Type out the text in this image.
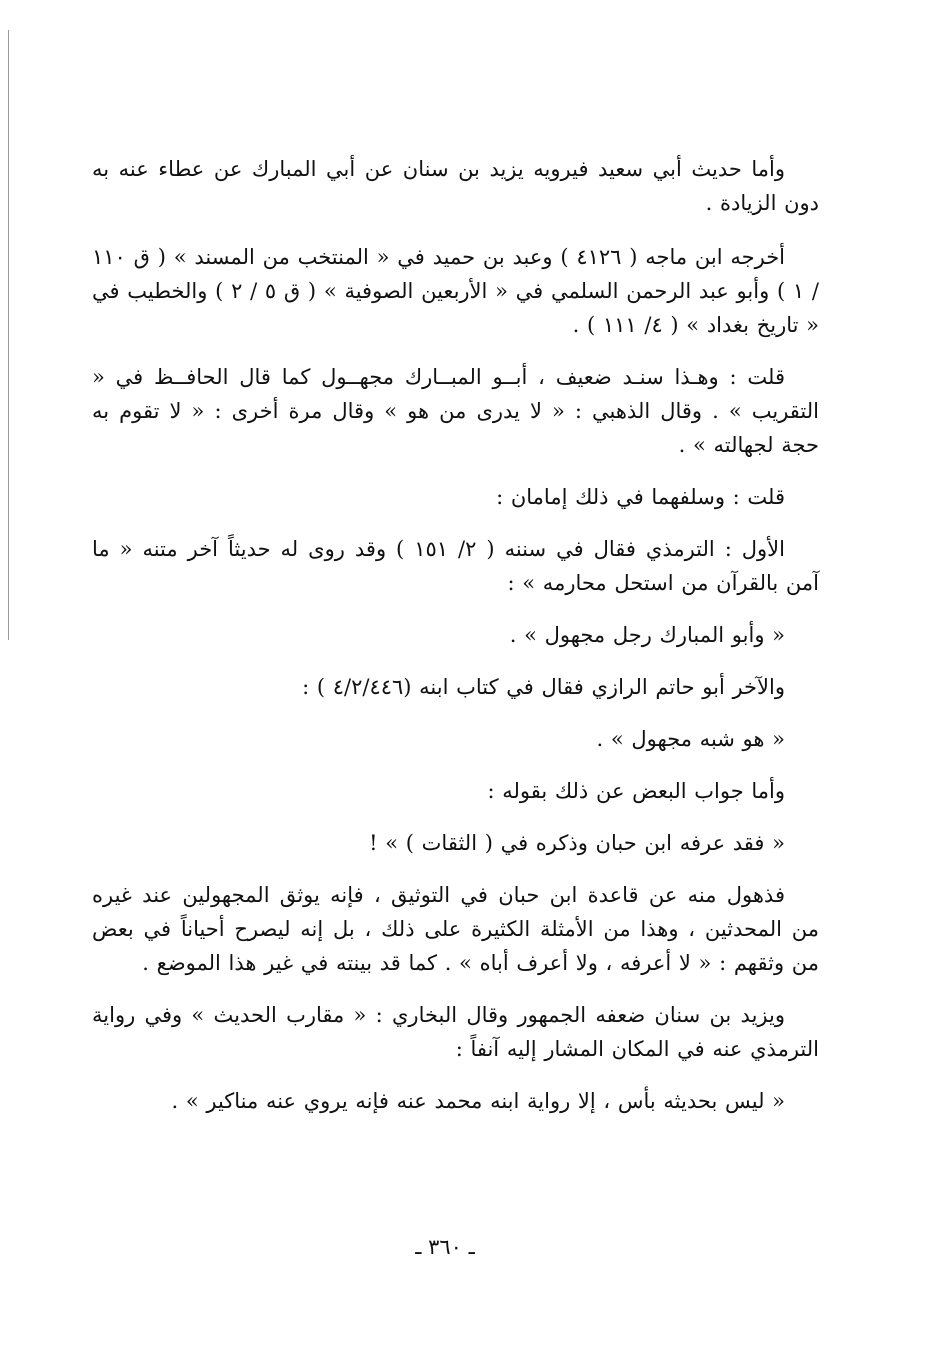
وأما حديث أبي سعيد فيرويه يزيد بن سنان عن أبي المبارك عن عطاء عنه به دون الزيادة .

أخرجه ابن ماجه ( ٤١٢٦ ) وعبد بن حميد في « المنتخب من المسند » ( ق ١١٠ / ١ ) وأبو عبد الرحمن السلمي في « الأربعين الصوفية » ( ق ٥ / ٢ ) والخطيب في « تاريخ بغداد » ( ٤/ ١١١ ) .

قلت : وهـذا سنـد ضعيف ، أبــو المبــارك مجهــول كما قال الحافــظ في « التقريب » . وقال الذهبي : « لا يدرى من هو » وقال مرة أخرى : « لا تقوم به حجة لجهالته » .

قلت : وسلفهما في ذلك إمامان :

الأول : الترمذي فقال في سننه ( ٢/ ١٥١ ) وقد روى له حديثاً آخر متنه « ما آمن بالقرآن من استحل محارمه » :

« وأبو المبارك رجل مجهول » .

والآخر أبو حاتم الرازي فقال في كتاب ابنه (٤/٢/٤٤٦ ) :

« هو شبه مجهول » .

وأما جواب البعض عن ذلك بقوله :

« فقد عرفه ابن حبان وذكره في ( الثقات ) » !

فذهول منه عن قاعدة ابن حبان في التوثيق ، فإنه يوثق المجهولين عند غيره من المحدثين ، وهذا من الأمثلة الكثيرة على ذلك ، بل إنه ليصرح أحياناً في بعض من وثقهم : « لا أعرفه ، ولا أعرف أباه » . كما قد بينته في غير هذا الموضع .

ويزيد بن سنان ضعفه الجمهور وقال البخاري : « مقارب الحديث » وفي رواية الترمذي عنه في المكان المشار إليه آنفاً :

« ليس بحديثه بأس ، إلا رواية ابنه محمد عنه فإنه يروي عنه مناكير » .

ـ ٣٦٠ ـ
